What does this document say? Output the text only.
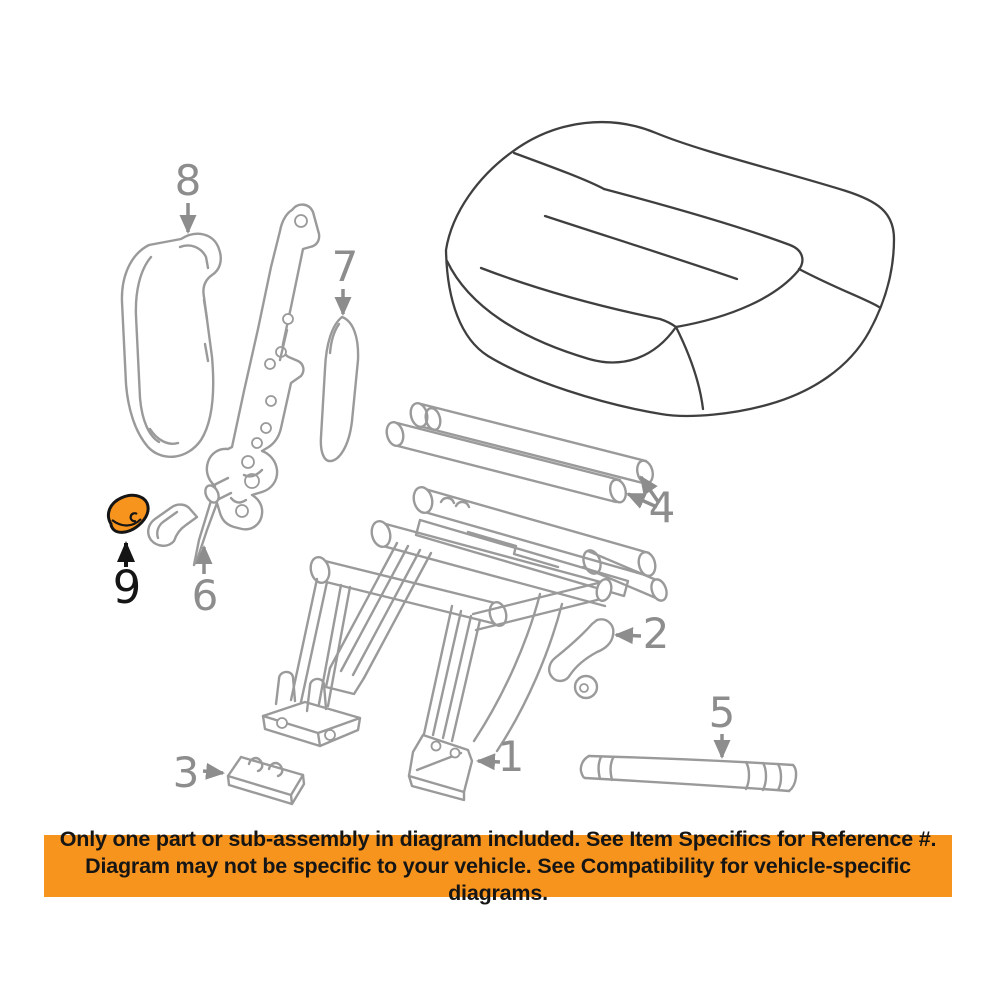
8
7
6
9
4
2
1
5
3
Only one part or sub-assembly in diagram included. See Item Specifics for Reference #.
Diagram may not be specific to your vehicle. See Compatibility for vehicle-specific diagrams.
